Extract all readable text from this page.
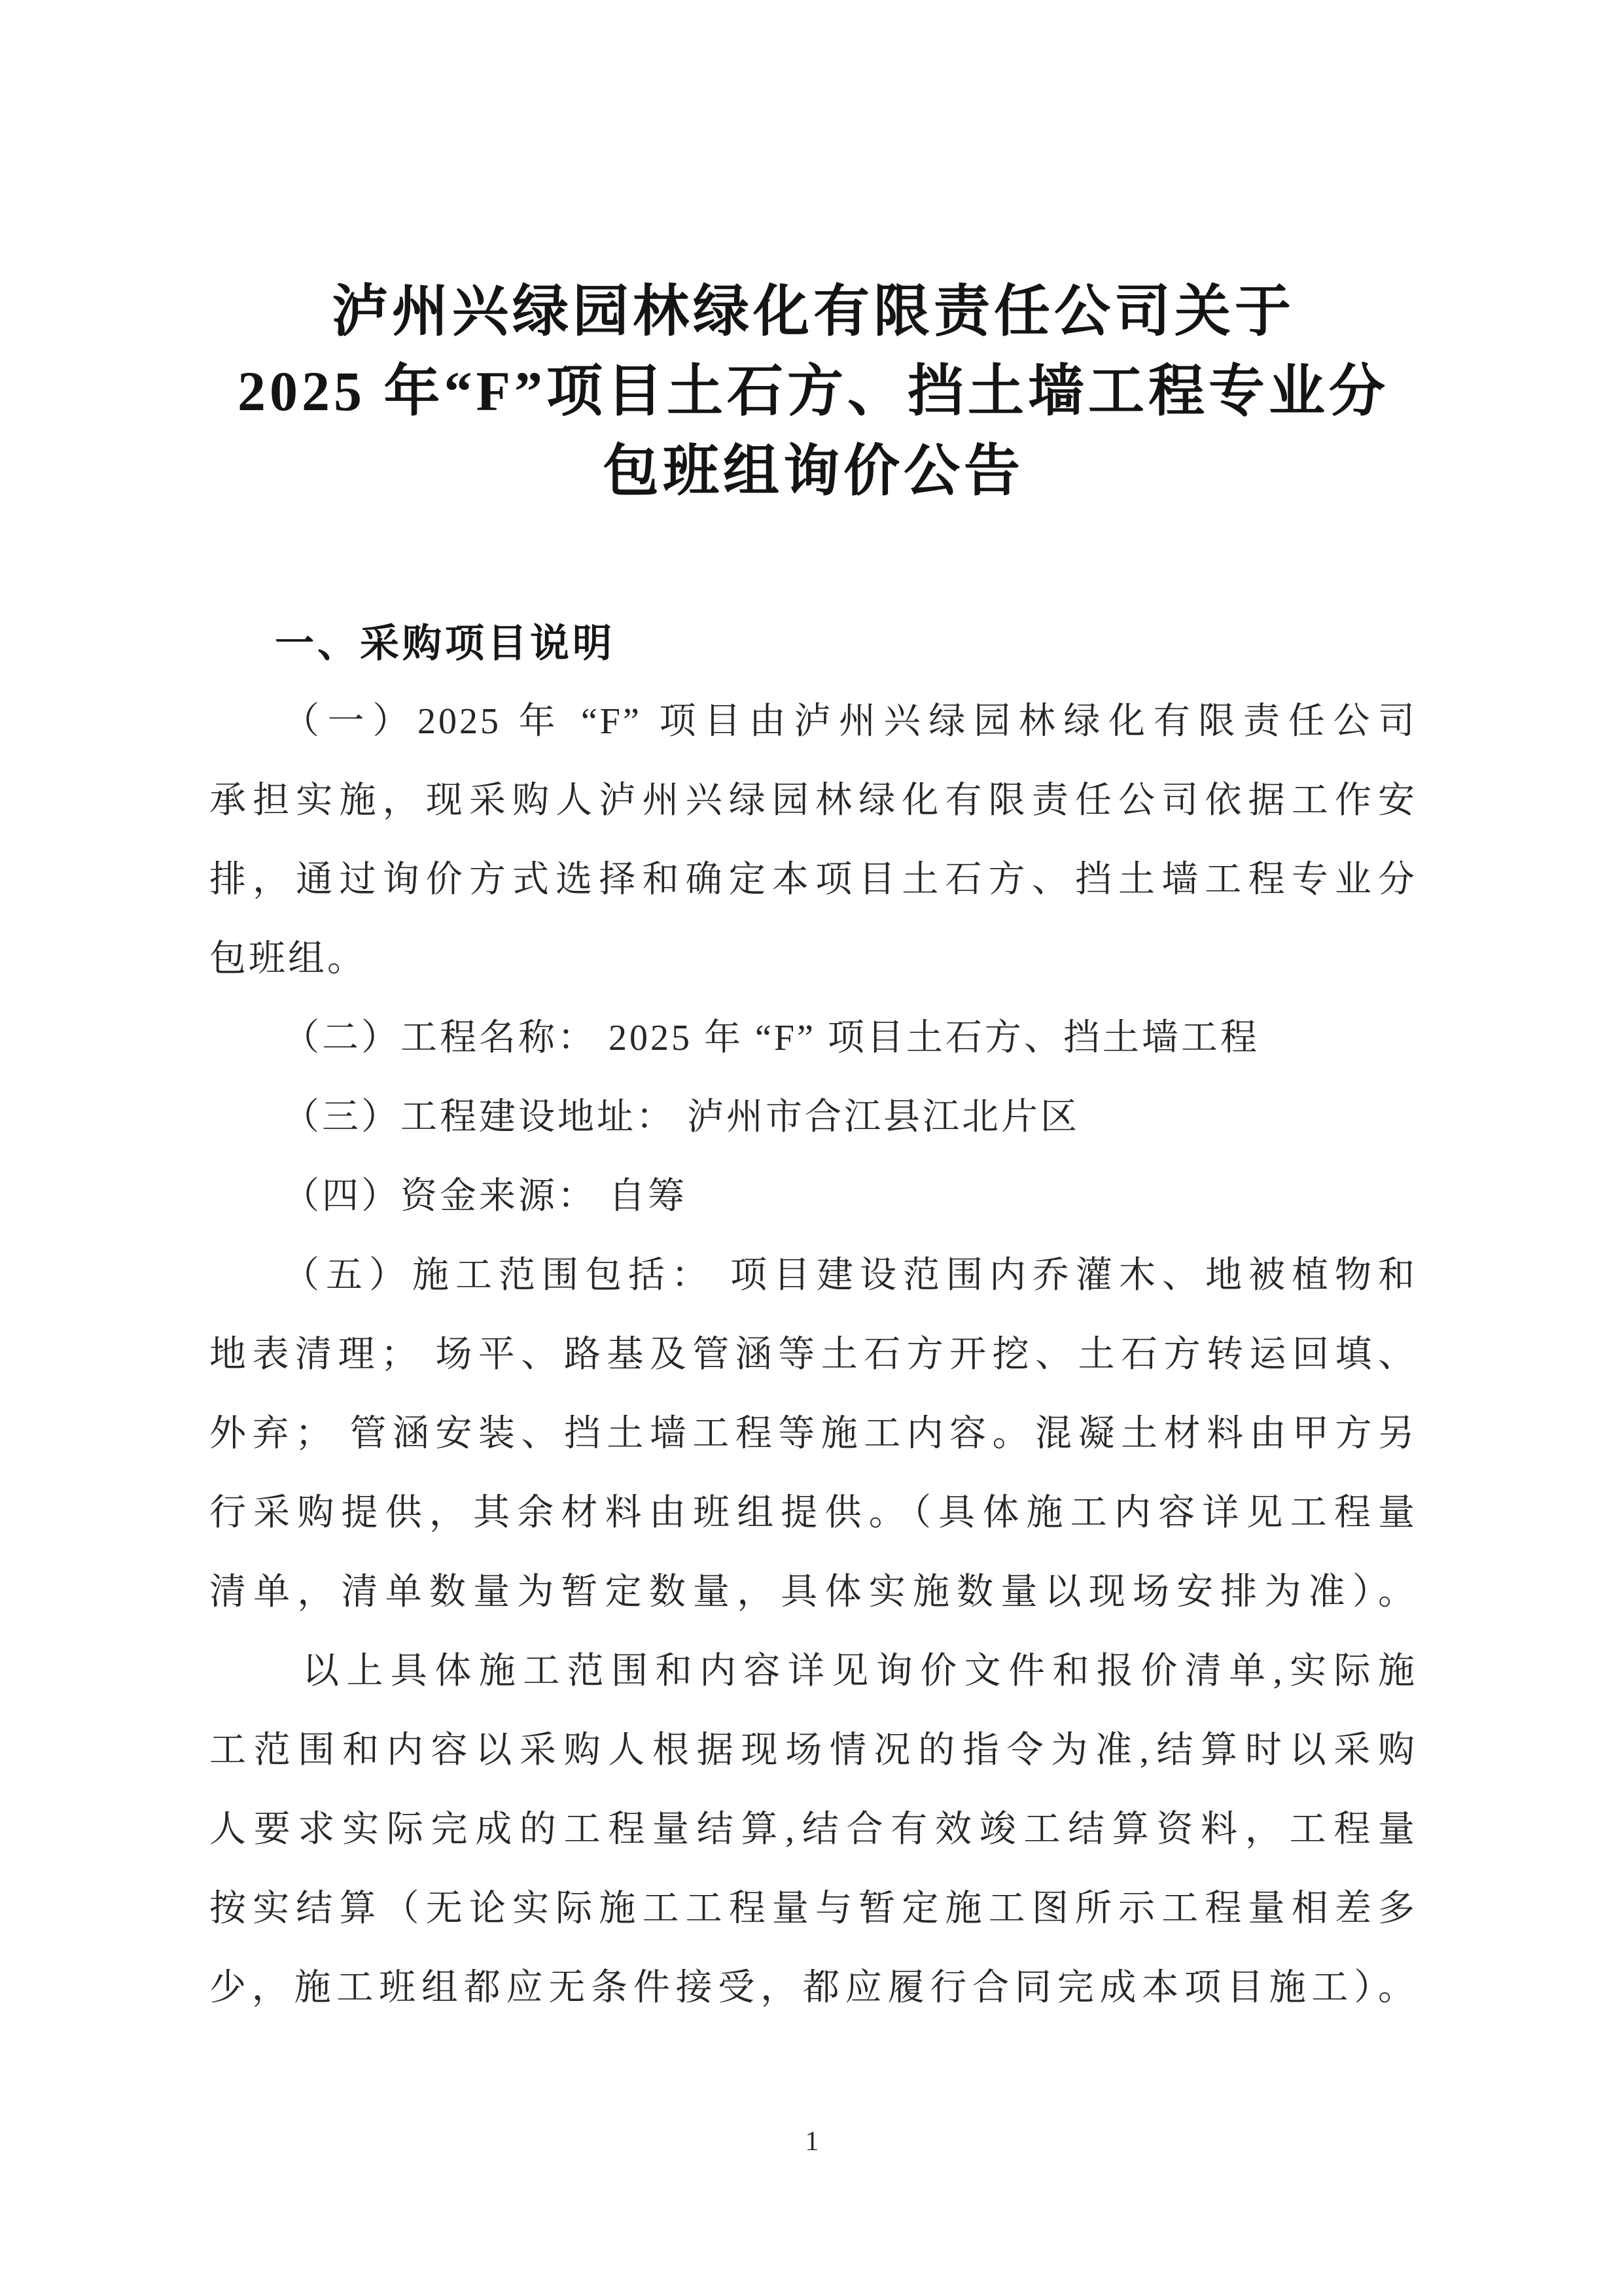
泸州兴绿园林绿化有限责任公司关于
2025 年“F”项目土石方、挡土墙工程专业分
包班组询价公告
一、采购项目说明
（一）2025 年 “F” 项目由泸州兴绿园林绿化有限责任公司
承担实施，现采购人泸州兴绿园林绿化有限责任公司依据工作安
排，通过询价方式选择和确定本项目土石方、挡土墙工程专业分
包班组。
（二）工程名称： 2025 年 “F” 项目土石方、挡土墙工程
（三）工程建设地址： 泸州市合江县江北片区
（四）资金来源： 自筹
（五）施工范围包括： 项目建设范围内乔灌木、地被植物和
地表清理； 场平、路基及管涵等土石方开挖、土石方转运回填、
外弃； 管涵安装、挡土墙工程等施工内容。混凝土材料由甲方另
行采购提供，其余材料由班组提供。（具体施工内容详见工程量
清单，清单数量为暂定数量，具体实施数量以现场安排为准）。
以上具体施工范围和内容详见询价文件和报价清单,实际施
工范围和内容以采购人根据现场情况的指令为准,结算时以采购
人要求实际完成的工程量结算,结合有效竣工结算资料，工程量
按实结算（无论实际施工工程量与暂定施工图所示工程量相差多
少，施工班组都应无条件接受，都应履行合同完成本项目施工）。
1
